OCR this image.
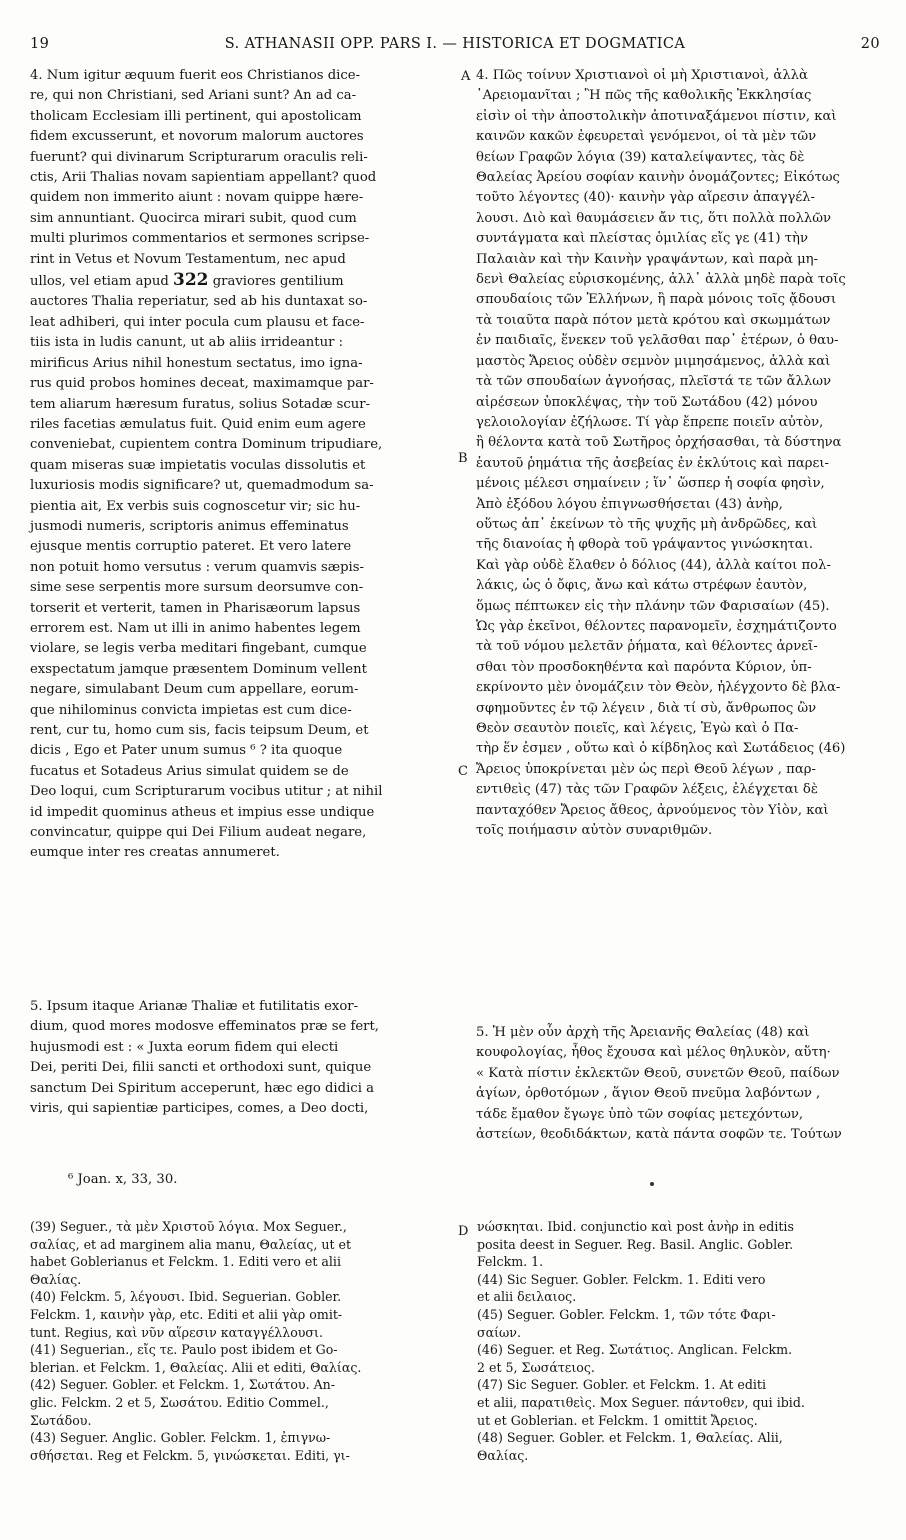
19	S. ATHANASII OPP. PARS I. — HISTORICA ET DOGMATICA	20
4. Num igitur æquum fuerit eos Christianos dice-
re, qui non Christiani, sed Ariani sunt? An ad ca-
tholicam Ecclesiam illi pertinent, qui apostolicam
fidem excusserunt, et novorum malorum auctores
fuerunt? qui divinarum Scripturarum oraculis reli-
ctis, Arii Thalias novam sapientiam appellant? quod
quidem non immerito aiunt : novam quippe hære-
sim annuntiant. Quocirca mirari subit, quod cum
multi plurimos commentarios et sermones scripse-
rint in Vetus et Novum Testamentum, nec apud
ullos, vel etiam apud 322 graviores gentilium
auctores Thalia reperiatur, sed ab his duntaxat so-
leat adhiberi, qui inter pocula cum plausu et face-
tiis ista in ludis canunt, ut ab aliis irrideantur :
mirificus Arius nihil honestum sectatus, imo igna-
rus quid probos homines deceat, maximamque par-
tem aliarum hæresum furatus, solius Sotadæ scur-
riles facetias æmulatus fuit. Quid enim eum agere
conveniebat, cupientem contra Dominum tripudiare,
quam miseras suæ impietatis voculas dissolutis et
luxuriosis modis significare? ut, quemadmodum sa-
pientia ait, Ex verbis suis cognoscetur vir; sic hu-
jusmodi numeris, scriptoris animus effeminatus
ejusque mentis corruptio pateret. Et vero latere
non potuit homo versutus : verum quamvis sæpis-
sime sese serpentis more sursum deorsumve con-
torserit et verterit, tamen in Pharisæorum lapsus
errorem est. Nam ut illi in animo habentes legem
violare, se legis verba meditari fingebant, cumque
exspectatum jamque præsentem Dominum vellent
negare, simulabant Deum cum appellare, eorum-
que nihilominus convicta impietas est cum dice-
rent, cur tu, homo cum sis, facis teipsum Deum, et
dicis , Ego et Pater unum sumus ⁶ ? ita quoque
fucatus et Sotadeus Arius simulat quidem se de
Deo loqui, cum Scripturarum vocibus utitur ; at nihil
id impedit quominus atheus et impius esse undique
convincatur, quippe qui Dei Filium audeat negare,
eumque inter res creatas annumeret.
5. Ipsum itaque Arianæ Thaliæ et futilitatis exor-
dium, quod mores modosve effeminatos præ se fert,
hujusmodi est : « Juxta eorum fidem qui electi
Dei, periti Dei, filii sancti et orthodoxi sunt, quique
sanctum Dei Spiritum acceperunt, hæc ego didici a
viris, qui sapientiæ participes, comes, a Deo docti,
4. Πῶς τοίνυν Χριστιανοὶ οἱ μὴ Χριστιανοὶ, ἀλλὰ
᾿Αρειομανῖται ; Ἢ πῶς τῆς καθολικῆς Ἐκκλησίας
εἰσὶν οἱ τὴν ἀποστολικὴν ἀποτιναξάμενοι πίστιν, καὶ
καινῶν κακῶν ἐφευρεταὶ γενόμενοι, οἱ τὰ μὲν τῶν
θείων Γραφῶν λόγια (39) καταλείψαντες, τὰς δὲ
Θαλείας Ἀρείου σοφίαν καινὴν ὀνομάζοντες; Εἰκότως
τοῦτο λέγοντες (40)· καινὴν γὰρ αἵρεσιν ἀπαγγέλ-
λουσι. Διὸ καὶ θαυμάσειεν ἄν τις, ὅτι πολλὰ πολλῶν
συντάγματα καὶ πλείστας ὁμιλίας εἴς γε (41) τὴν
Παλαιὰν καὶ τὴν Καινὴν γραψάντων, καὶ παρὰ μη-
δενὶ Θαλείας εὑρισκομένης, ἀλλ᾽ ἀλλὰ μηδὲ παρὰ τοῖς
σπουδαίοις τῶν Ἑλλήνων, ἢ παρὰ μόνοις τοῖς ᾄδουσι
τὰ τοιαῦτα παρὰ πότον μετὰ κρότου καὶ σκωμμάτων
ἐν παιδιαῖς, ἕνεκεν τοῦ γελᾶσθαι παρ᾽ ἑτέρων, ὁ θαυ-
μαστὸς Ἄρειος οὐδὲν σεμνὸν μιμησάμενος, ἀλλὰ καὶ
τὰ τῶν σπουδαίων ἀγνοήσας, πλεῖστά τε τῶν ἄλλων
αἱρέσεων ὑποκλέψας, τὴν τοῦ Σωτάδου (42) μόνου
γελοιολογίαν ἐζήλωσε. Τί γὰρ ἔπρεπε ποιεῖν αὐτὸν,
ἢ θέλοντα κατὰ τοῦ Σωτῆρος ὀρχήσασθαι, τὰ δύστηνα
ἑαυτοῦ ῥημάτια τῆς ἀσεβείας ἐν ἐκλύτοις καὶ παρει-
μένοις μέλεσι σημαίνειν ; ἵν᾽ ὥσπερ ἡ σοφία φησὶν,
Ἀπὸ ἐξόδου λόγου ἐπιγνωσθήσεται (43) ἀνὴρ,
οὕτως ἀπ᾽ ἐκείνων τὸ τῆς ψυχῆς μὴ ἀνδρῶδες, καὶ
τῆς διανοίας ἡ φθορὰ τοῦ γράψαντος γινώσκηται.
Καὶ γὰρ οὐδὲ ἔλαθεν ὁ δόλιος (44), ἀλλὰ καίτοι πολ-
λάκις, ὡς ὁ ὄφις, ἄνω καὶ κάτω στρέφων ἑαυτὸν,
ὅμως πέπτωκεν εἰς τὴν πλάνην τῶν Φαρισαίων (45).
Ὡς γὰρ ἐκεῖνοι, θέλοντες παρανομεῖν, ἐσχημάτιζοντο
τὰ τοῦ νόμου μελετᾶν ῥήματα, καὶ θέλοντες ἀρνεῖ-
σθαι τὸν προσδοκηθέντα καὶ παρόντα Κύριον, ὑπ-
εκρίνοντο μὲν ὀνομάζειν τὸν Θεὸν, ἠλέγχοντο δὲ βλα-
σφημοῦντες ἐν τῷ λέγειν , διὰ τί σὺ, ἄνθρωπος ὢν
Θεὸν σεαυτὸν ποιεῖς, καὶ λέγεις, Ἐγὼ καὶ ὁ Πα-
τὴρ ἕν ἐσμεν , οὕτω καὶ ὁ κίβδηλος καὶ Σωτάδειος (46)
Ἄρειος ὑποκρίνεται μὲν ὡς περὶ Θεοῦ λέγων , παρ-
εντιθεὶς (47) τὰς τῶν Γραφῶν λέξεις, ἐλέγχεται δὲ
πανταχόθεν Ἄρειος ἄθεος, ἀρνούμενος τὸν Υἱὸν, καὶ
τοῖς ποιήμασιν αὐτὸν συναριθμῶν.
5. Ἡ μὲν οὖν ἀρχὴ τῆς Ἀρειανῆς Θαλείας (48) καὶ
κουφολογίας, ἦθος ἔχουσα καὶ μέλος θηλυκὸν, αὕτη·
« Κατὰ πίστιν ἐκλεκτῶν Θεοῦ, συνετῶν Θεοῦ, παίδων
ἁγίων, ὀρθοτόμων , ἅγιον Θεοῦ πνεῦμα λαβόντων ,
τάδε ἔμαθον ἔγωγε ὑπὸ τῶν σοφίας μετεχόντων,
ἀστείων, θεοδιδάκτων, κατὰ πάντα σοφῶν τε. Τούτων
A
B
C
D
⁶ Joan. x, 33, 30.
(39) Seguer., τὰ μὲν Χριστοῦ λόγια. Mox Seguer.,
σαλίας, et ad marginem alia manu, Θαλείας, ut et
habet Goblerianus et Felckm. 1. Editi vero et alii
Θαλίας.
(40) Felckm. 5, λέγουσι. Ibid. Seguerian. Gobler.
Felckm. 1, καινὴν γὰρ, etc. Editi et alii γὰρ omit-
tunt. Regius, καὶ νῦν αἵρεσιν καταγγέλλουσι.
(41) Seguerian., εἴς τε. Paulo post ibidem et Go-
blerian. et Felckm. 1, Θαλείας. Alii et editi, Θαλίας.
(42) Seguer. Gobler. et Felckm. 1, Σωτάτου. An-
glic. Felckm. 2 et 5, Σωσάτου. Editio Commel.,
Σωτάδου.
(43) Seguer. Anglic. Gobler. Felckm. 1, ἐπιγνω-
σθήσεται. Reg et Felckm. 5, γινώσκεται. Editi, γι-
νώσκηται. Ibid. conjunctio καὶ post ἀνὴρ in editis
posita deest in Seguer. Reg. Basil. Anglic. Gobler.
Felckm. 1.
(44) Sic Seguer. Gobler. Felckm. 1. Editi vero
et alii δειλαιος.
(45) Seguer. Gobler. Felckm. 1, τῶν τότε Φαρι-
σαίων.
(46) Seguer. et Reg. Σωτάτιος. Anglican. Felckm.
2 et 5, Σωσάτειος.
(47) Sic Seguer. Gobler. et Felckm. 1. At editi
et alii, παρατιθεὶς. Mox Seguer. πάντοθεν, qui ibid.
ut et Goblerian. et Felckm. 1 omittit Ἄρειος.
(48) Seguer. Gobler. et Felckm. 1, Θαλείας. Alii,
Θαλίας.
